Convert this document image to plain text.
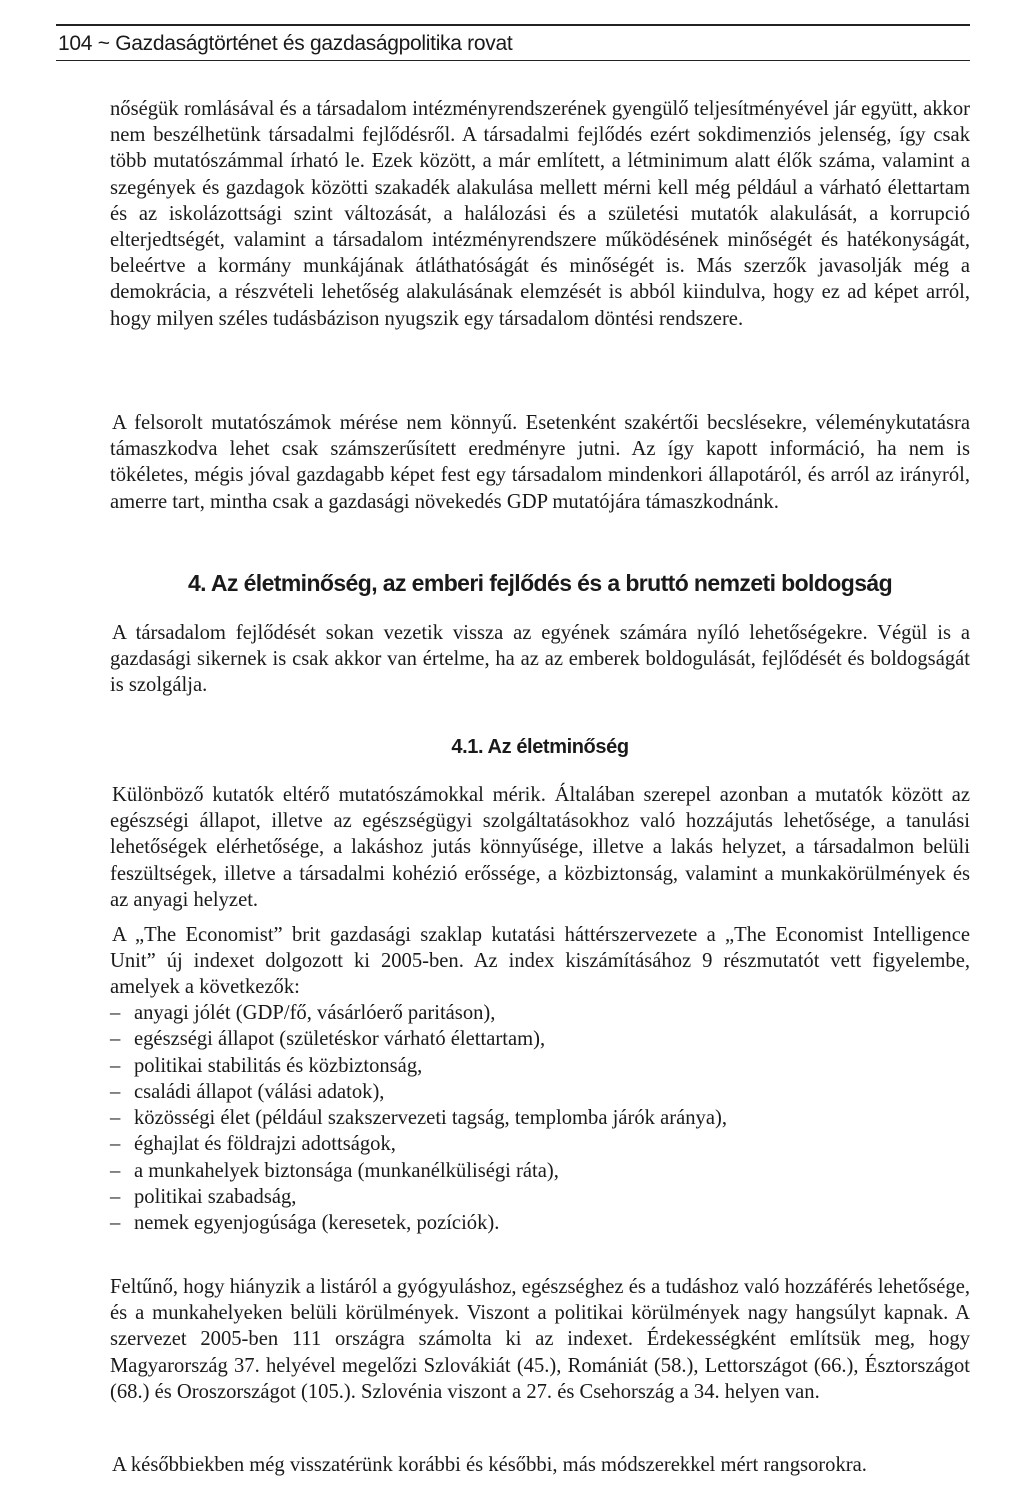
104 ~ Gazdaságtörténet és gazdaságpolitika rovat

nőségük romlásával és a társadalom intézményrendszerének gyengülő teljesítményével jár együtt, akkor nem beszélhetünk társadalmi fejlődésről. A társadalmi fejlődés ezért sokdimenziós jelenség, így csak több mutatószámmal írható le. Ezek között, a már említett, a létminimum alatt élők száma, valamint a szegények és gazdagok közötti szakadék alakulása mellett mérni kell még például a várható élettartam és az iskolázottsági szint változását, a halálozási és a születési mutatók alakulását, a korrupció elterjedtségét, valamint a társadalom intézményrendszere működésének minőségét és hatékonyságát, beleértve a kormány munkájának átláthatóságát és minőségét is. Más szerzők javasolják még a demokrácia, a részvételi lehetőség alakulásának elemzését is abból kiindulva, hogy ez ad képet arról, hogy milyen széles tudásbázison nyugszik egy társadalom döntési rendszere.

A felsorolt mutatószámok mérése nem könnyű. Esetenként szakértői becslésekre, véleménykutatásra támaszkodva lehet csak számszerűsített eredményre jutni. Az így kapott információ, ha nem is tökéletes, mégis jóval gazdagabb képet fest egy társadalom mindenkori állapotáról, és arról az irányról, amerre tart, mintha csak a gazdasági növekedés GDP mutatójára támaszkodnánk.

4. Az életminőség, az emberi fejlődés és a bruttó nemzeti boldogság

A társadalom fejlődését sokan vezetik vissza az egyének számára nyíló lehetőségekre. Végül is a gazdasági sikernek is csak akkor van értelme, ha az az emberek boldogulását, fejlődését és boldogságát is szolgálja.

4.1. Az életminőség

Különböző kutatók eltérő mutatószámokkal mérik. Általában szerepel azonban a mutatók között az egészségi állapot, illetve az egészségügyi szolgáltatásokhoz való hozzájutás lehetősége, a tanulási lehetőségek elérhetősége, a lakáshoz jutás könnyűsége, illetve a lakás helyzet, a társadalmon belüli feszültségek, illetve a társadalmi kohézió erőssége, a közbiztonság, valamint a munkakörülmények és az anyagi helyzet.

A „The Economist” brit gazdasági szaklap kutatási háttérszervezete a „The Economist Intelligence Unit” új indexet dolgozott ki 2005-ben. Az index kiszámításához 9 részmutatót vett figyelembe, amelyek a következők:

– anyagi jólét (GDP/fő, vásárlóerő paritáson),
– egészségi állapot (születéskor várható élettartam),
– politikai stabilitás és közbiztonság,
– családi állapot (válási adatok),
– közösségi élet (például szakszervezeti tagság, templomba járók aránya),
– éghajlat és földrajzi adottságok,
– a munkahelyek biztonsága (munkanélküliségi ráta),
– politikai szabadság,
– nemek egyenjogúsága (keresetek, pozíciók).

Feltűnő, hogy hiányzik a listáról a gyógyuláshoz, egészséghez és a tudáshoz való hozzáférés lehetősége, és a munkahelyeken belüli körülmények. Viszont a politikai körülmények nagy hangsúlyt kapnak. A szervezet 2005-ben 111 országra számolta ki az indexet. Érdekességként említsük meg, hogy Magyarország 37. helyével megelőzi Szlovákiát (45.), Romániát (58.), Lettországot (66.), Észtországot (68.) és Oroszországot (105.). Szlovénia viszont a 27. és Csehország a 34. helyen van.

A későbbiekben még visszatérünk korábbi és későbbi, más módszerekkel mért rangsorokra.
